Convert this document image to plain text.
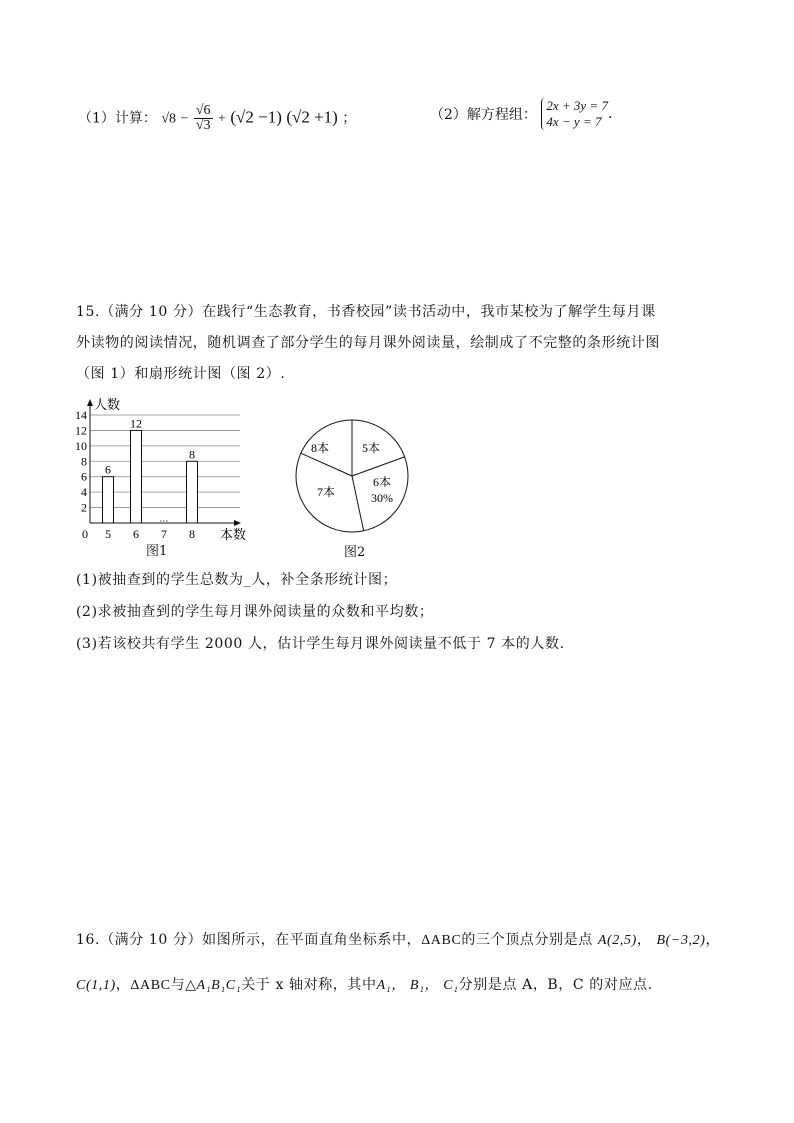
（1）计算： $√8 - \frac{√6}{√3} + (√2 -1)$ (√2 +1) ；	（2）解方程组：
2x + 3y = 7
4x − y = 7 .
15.（满分 10 分）在践行“生态教育，书香校园”读书活动中，我市某校为了解学生每月课
外读物的阅读情况，随机调查了部分学生的每月课外阅读量，绘制成了不完整的条形统计图
（图 1）和扇形统计图（图 2）.
2
4
6
8
10
12
14
人数
本数
0 5
6
6
12
7 8
8
图1
8本	5本
6本
7本	30%
图2
(1)被抽查到的学生总数为_人，补全条形统计图；
(2)求被抽查到的学生每月课外阅读量的众数和平均数；
(3)若该校共有学生 2000 人，估计学生每月课外阅读量不低于 7 本的人数.
16.（满分 10 分）如图所示，在平面直角坐标系中，ΔABC的三个顶点分别是点 A(2,5)， B(−3,2)，
C(1,1)，ΔABC与△A₁B₁C₁关于 x 轴对称，其中A₁， B₁， C₁分别是点 A，B，C 的对应点.
